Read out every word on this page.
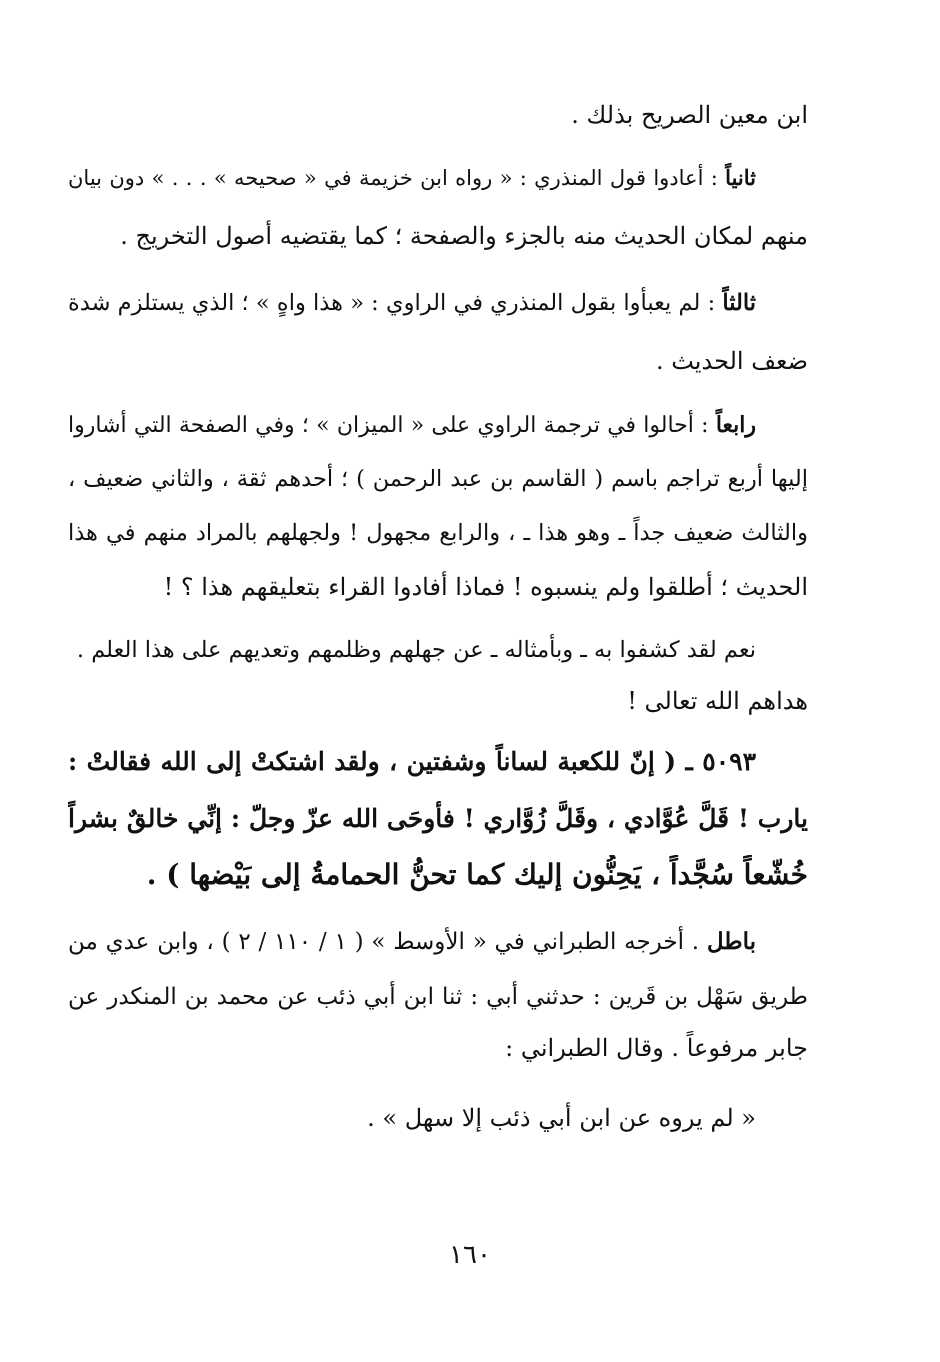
ابن معين الصريح بذلك .
ثانياً : أعادوا قول المنذري : « رواه ابن خزيمة في « صحيحه » . . . » دون بيان
منهم لمكان الحديث منه بالجزء والصفحة ؛ كما يقتضيه أصول التخريج .
ثالثاً : لم يعبأوا بقول المنذري في الراوي : « هذا واهٍ » ؛ الذي يستلزم شدة
ضعف الحديث .
رابعاً : أحالوا في ترجمة الراوي على « الميزان » ؛ وفي الصفحة التي أشاروا
إليها أربع تراجم باسم ( القاسم بن عبد الرحمن ) ؛ أحدهم ثقة ، والثاني ضعيف ،
والثالث ضعيف جداً ـ وهو هذا ـ ، والرابع مجهول ! ولجهلهم بالمراد منهم في هذا
الحديث ؛ أطلقوا ولم ينسبوه ! فماذا أفادوا القراء بتعليقهم هذا ؟ !
نعم لقد كشفوا به ـ وبأمثاله ـ عن جهلهم وظلمهم وتعديهم على هذا العلم .
هداهم الله تعالى !
٥٠٩٣ ـ ( إنّ للكعبة لساناً وشفتين ، ولقد اشتكتْ إلى الله فقالتْ :
يارب ! قَلَّ عُوَّادي ، وقَلَّ زُوَّاري ! فأوحَى الله عزّ وجلّ : إنِّي خالقٌ بشراً
خُشّعاً سُجَّداً ، يَحِنُّون إليك كما تحنُّ الحمامةُ إلى بَيْضها ) .
باطل . أخرجه الطبراني في « الأوسط » ( ١ / ١١٠ / ٢ ) ، وابن عدي من
طريق سَهْل بن قَرين : حدثني أبي : ثنا ابن أبي ذئب عن محمد بن المنكدر عن
جابر مرفوعاً . وقال الطبراني :
« لم يروه عن ابن أبي ذئب إلا سهل » .
١٦٠
